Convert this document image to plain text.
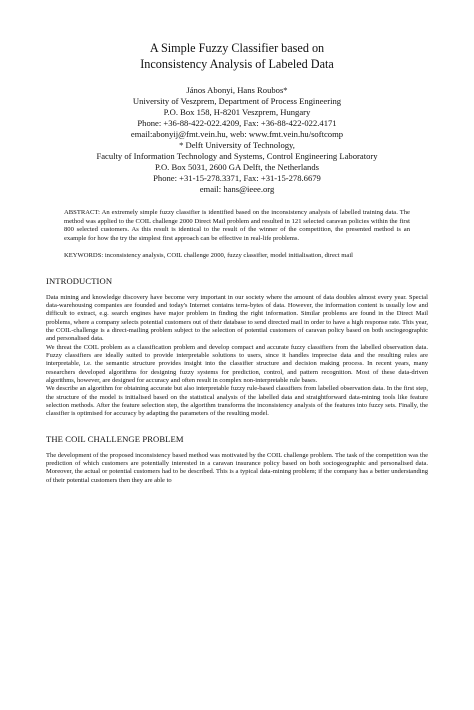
A Simple Fuzzy Classifier based on
Inconsistency Analysis of Labeled Data
János Abonyi, Hans Roubos*
University of Veszprem, Department of Process Engineering
P.O. Box 158, H-8201 Veszprem, Hungary
Phone: +36-88-422-022.4209, Fax: +36-88-422-022.4171
email:abonyij@fmt.vein.hu, web: www.fmt.vein.hu/softcomp
* Delft University of Technology,
Faculty of Information Technology and Systems, Control Engineering Laboratory
P.O. Box 5031, 2600 GA Delft, the Netherlands
Phone: +31-15-278.3371, Fax: +31-15-278.6679
email: hans@ieee.org
ABSTRACT: An extremely simple fuzzy classifier is identified based on the inconsistency analysis of labelled training data. The method was applied to the COIL challenge 2000 Direct Mail problem and resulted in 121 selected caravan policies within the first 800 selected customers. As this result is identical to the result of the winner of the competition, the presented method is an example for how the try the simplest first approach can be effective in real-life problems.
KEYWORDS: inconsistency analysis, COIL challenge 2000, fuzzy classifier, model initialisation, direct mail
INTRODUCTION

Data mining and knowledge discovery have become very important in our society where the amount of data doubles almost every year. Special data-warehousing companies are founded and today's Internet contains terra-bytes of data. However, the information content is usually low and difficult to extract, e.g. search engines have major problem in finding the right information. Similar problems are found in the Direct Mail problems, where a company selects potential customers out of their database to send directed mail in order to have a high response rate. This year, the COIL-challenge is a direct-mailing problem subject to the selection of potential customers of caravan policy based on both sociogeographic and personalised data.

We threat the COIL problem as a classification problem and develop compact and accurate fuzzy classifiers from the labelled observation data. Fuzzy classifiers are ideally suited to provide interpretable solutions to users, since it handles imprecise data and the resulting rules are interpretable, i.e. the semantic structure provides insight into the classifier structure and decision making process. In recent years, many researchers developed algorithms for designing fuzzy systems for prediction, control, and pattern recognition. Most of these data-driven algorithms, however, are designed for accuracy and often result in complex non-interpretable rule bases.

We describe an algorithm for obtaining accurate but also interpretable fuzzy rule-based classifiers from labelled observation data. In the first step, the structure of the model is initialised based on the statistical analysis of the labelled data and straightforward data-mining tools like feature selection methods. After the feature selection step, the algorithm transforms the inconsistency analysis of the features into fuzzy sets. Finally, the classifier is optimised for accuracy by adapting the parameters of the resulting model.

THE COIL CHALLENGE PROBLEM

The development of the proposed inconsistency based method was motivated by the COIL challenge problem. The task of the competition was the prediction of which customers are potentially interested in a caravan insurance policy based on both sociogeographic and personalised data. Moreover, the actual or potential customers had to be described. This is a typical data-mining problem; if the company has a better understanding of their potential customers then they are able to
